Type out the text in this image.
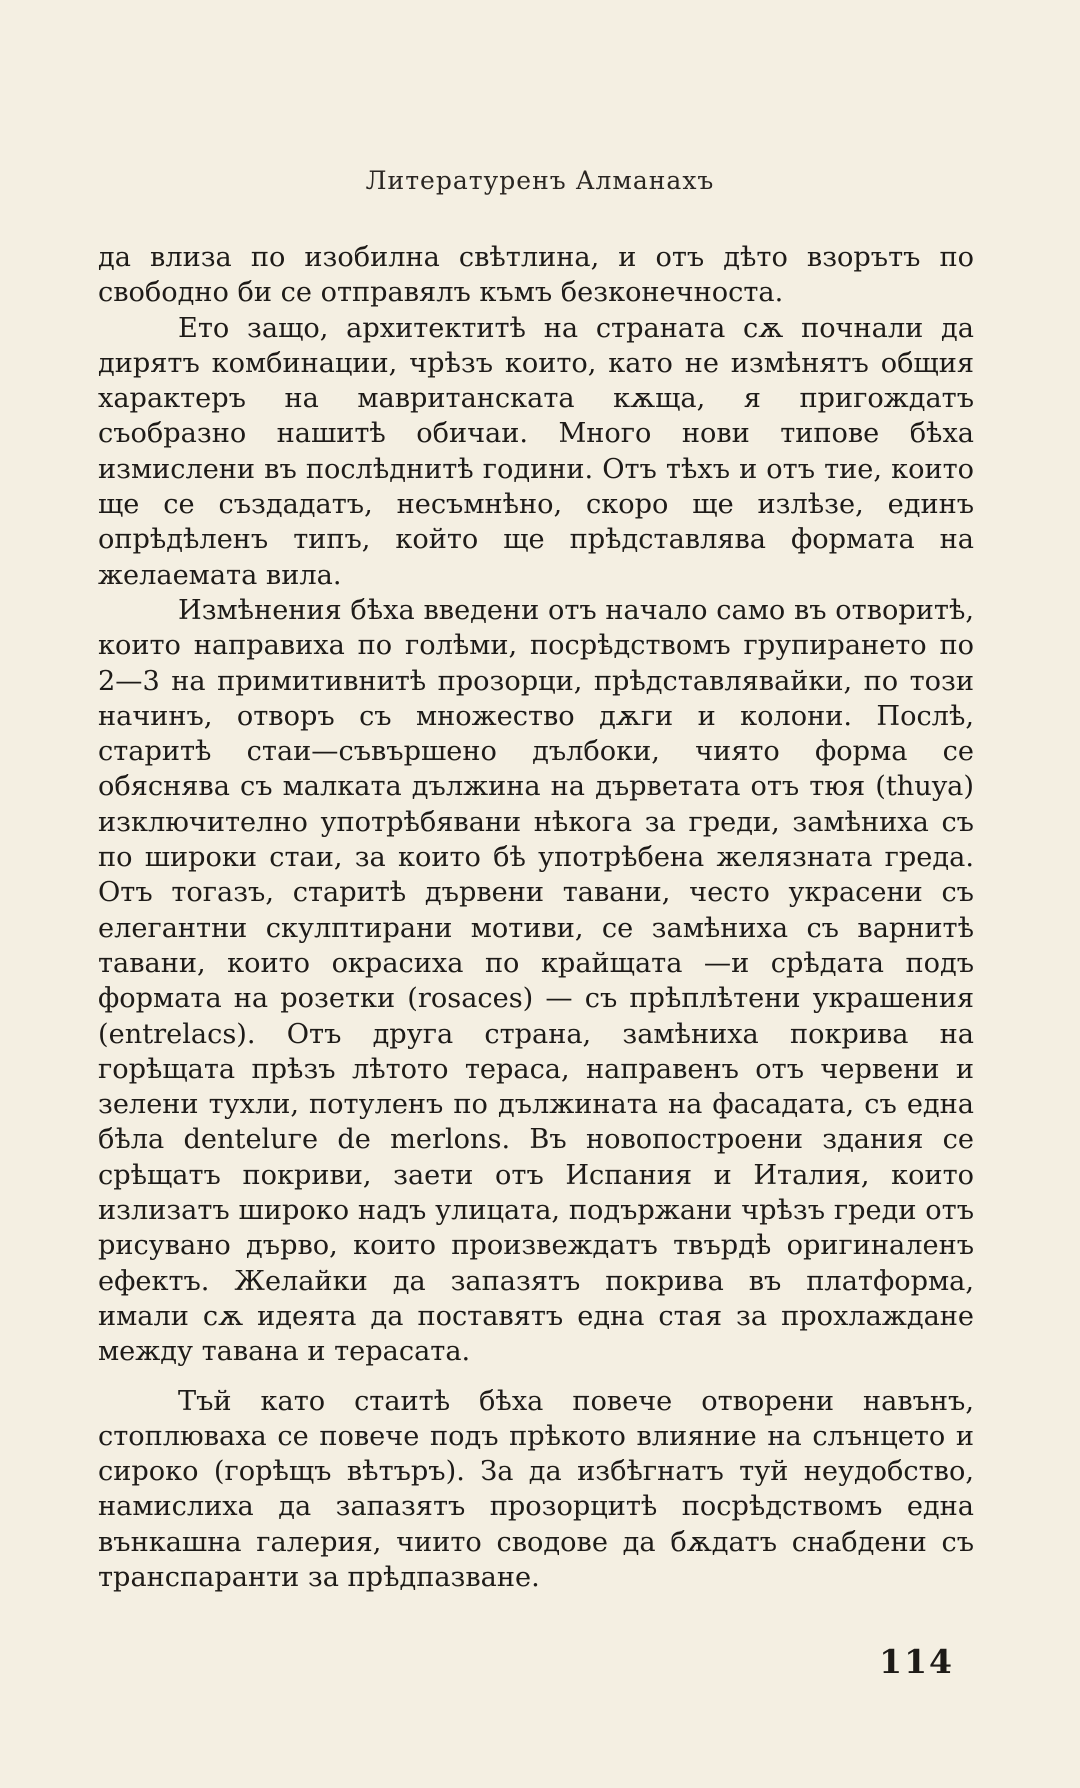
Литературенъ Алманахъ

да влиза по изобилна свѣтлина, и отъ дѣто взорътъ по свободно би се отправялъ къмъ безконечноста.

Ето защо, архитектитѣ на страната сѫ почнали да дирятъ комбинации, чрѣзъ които, като не измѣнятъ общия характеръ на мавританската кѫща, я пригождатъ съобразно нашитѣ обичаи. Много нови типове бѣха измислени въ послѣднитѣ години. Отъ тѣхъ и отъ тие, които ще се създадатъ, несъмнѣно, скоро ще излѣзе, единъ опрѣдѣленъ типъ, който ще прѣдставлява формата на желаемата вила.

Измѣнения бѣха введени отъ начало само въ отворитѣ, които направиха по голѣми, посрѣдствомъ групирането по 2—3 на примитивнитѣ прозорци, прѣдставлявайки, по този начинъ, отворъ съ множество дѫги и колони. Послѣ, старитѣ стаи—съвършено дълбоки, чиято форма се обяснява съ малката дължина на дърветата отъ тюя (thuya) изключително употрѣбявани нѣкога за греди, замѣниха съ по широки стаи, за които бѣ употрѣбена желязната греда. Отъ тогазъ, старитѣ дървени тавани, често украсени съ елегантни скулптирани мотиви, се замѣниха съ варнитѣ тавани, които окрасиха по крайщата —и срѣдата подъ формата на розетки (rosaces) — съ прѣплѣтени украшения (entrelacs). Отъ друга страна, замѣниха покрива на горѣщата прѣзъ лѣтото тераса, направенъ отъ червени и зелени тухли, потуленъ по дължината на фасадата, съ една бѣла denteluге de merlons. Въ новопостроени здания се срѣщатъ покриви, заети отъ Испания и Италия, които излизатъ широко надъ улицата, подържани чрѣзъ греди отъ рисувано дърво, които произвеждатъ твърдѣ оригиналенъ ефектъ. Желайки да запазятъ покрива въ платформа, имали сѫ идеята да поставятъ една стая за прохлаждане между тавана и терасата.

Тъй като стаитѣ бѣха повече отворени навънъ, стоплюваха се повече подъ прѣкото влияние на слънцето и сироко (горѣщъ вѣтъръ). За да избѣгнатъ туй неудобство, намислиха да запазятъ прозорцитѣ посрѣдствомъ една вънкашна галерия, чиито сводове да бѫдатъ снабдени съ транспаранти за прѣдпазване.

114
